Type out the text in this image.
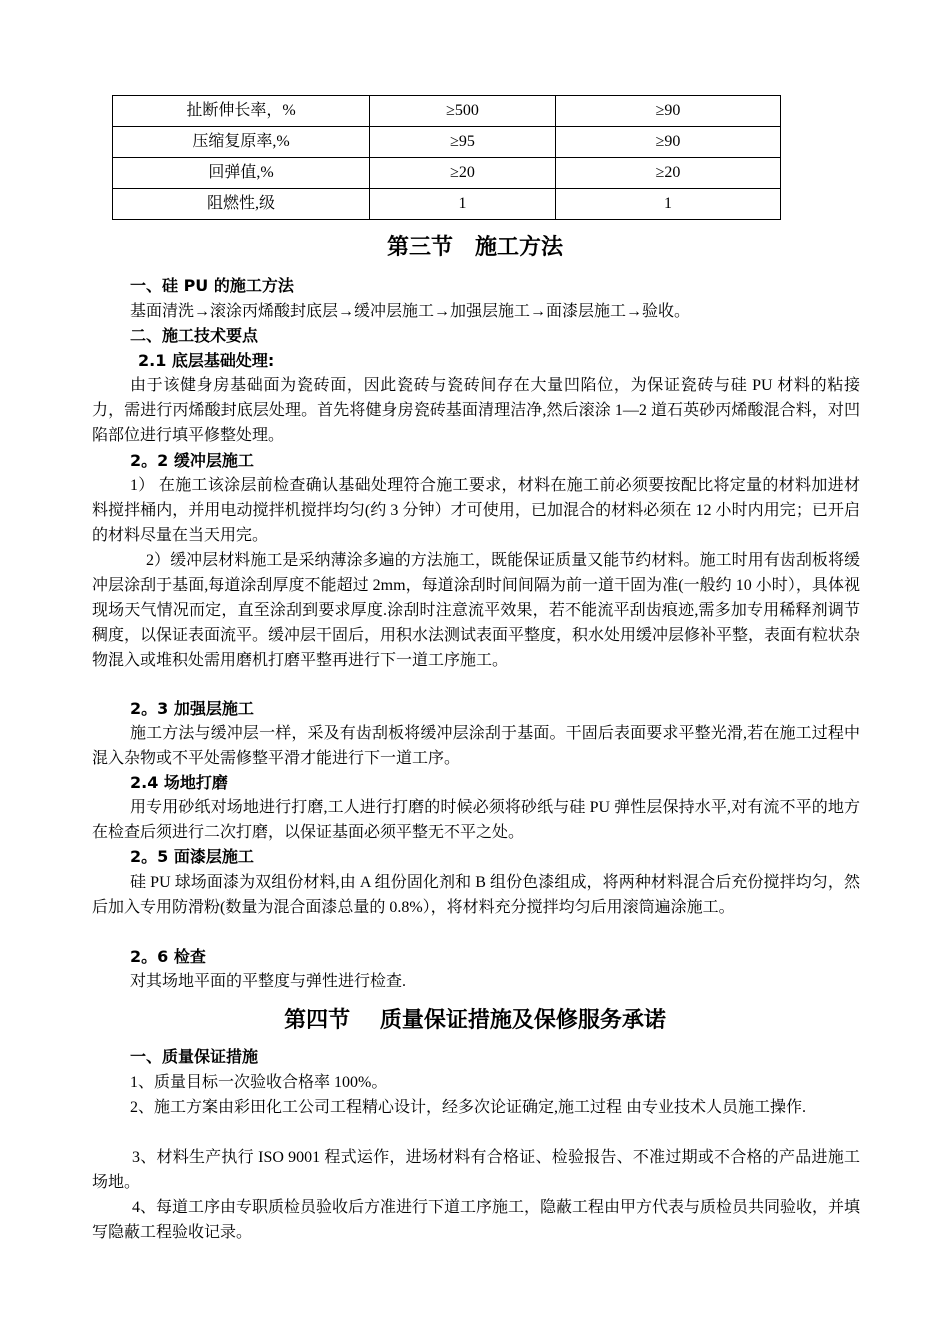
扯断伸长率，%	≥500	≥90
压缩复原率,%	≥95	≥90
回弹值,%	≥20	≥20
阻燃性,级	1	1
第三节　施工方法
一、硅 PU 的施工方法
基面清洗→滚涂丙烯酸封底层→缓冲层施工→加强层施工→面漆层施工→验收。
二、施工技术要点
2.1 底层基础处理:
由于该健身房基础面为瓷砖面，因此瓷砖与瓷砖间存在大量凹陷位，为保证瓷砖与硅 PU 材料的粘接力，需进行丙烯酸封底层处理。首先将健身房瓷砖基面清理洁净,然后滚涂 1—2 道石英砂丙烯酸混合料，对凹陷部位进行填平修整处理。
2。2 缓冲层施工
1） 在施工该涂层前检查确认基础处理符合施工要求，材料在施工前必须要按配比将定量的材料加进材料搅拌桶内，并用电动搅拌机搅拌均匀(约 3 分钟）才可使用，已加混合的材料必须在 12 小时内用完；已开启的材料尽量在当天用完。
2）缓冲层材料施工是采纳薄涂多遍的方法施工，既能保证质量又能节约材料。施工时用有齿刮板将缓冲层涂刮于基面,每道涂刮厚度不能超过 2mm，每道涂刮时间间隔为前一道干固为准(一般约 10 小时），具体视现场天气情况而定，直至涂刮到要求厚度.涂刮时注意流平效果，若不能流平刮齿痕迹,需多加专用稀释剂调节稠度，以保证表面流平。缓冲层干固后，用积水法测试表面平整度，积水处用缓冲层修补平整，表面有粒状杂物混入或堆积处需用磨机打磨平整再进行下一道工序施工。
2。3 加强层施工
施工方法与缓冲层一样，采及有齿刮板将缓冲层涂刮于基面。干固后表面要求平整光滑,若在施工过程中混入杂物或不平处需修整平滑才能进行下一道工序。
2.4 场地打磨
用专用砂纸对场地进行打磨,工人进行打磨的时候必须将砂纸与硅 PU 弹性层保持水平,对有流不平的地方在检查后须进行二次打磨，以保证基面必须平整无不平之处。
2。5 面漆层施工
硅 PU 球场面漆为双组份材料,由 A 组份固化剂和 B 组份色漆组成，将两种材料混合后充份搅拌均匀，然后加入专用防滑粉(数量为混合面漆总量的 0.8%），将材料充分搅拌均匀后用滚筒遍涂施工。
2。6 检查
对其场地平面的平整度与弹性进行检查.
第四节　 质量保证措施及保修服务承诺
一、质量保证措施
1、质量目标一次验收合格率 100%。
2、施工方案由彩田化工公司工程精心设计，经多次论证确定,施工过程 由专业技术人员施工操作.
3、材料生产执行 ISO 9001 程式运作，进场材料有合格证、检验报告、不准过期或不合格的产品进施工场地。
4、每道工序由专职质检员验收后方准进行下道工序施工，隐蔽工程由甲方代表与质检员共同验收，并填写隐蔽工程验收记录。
